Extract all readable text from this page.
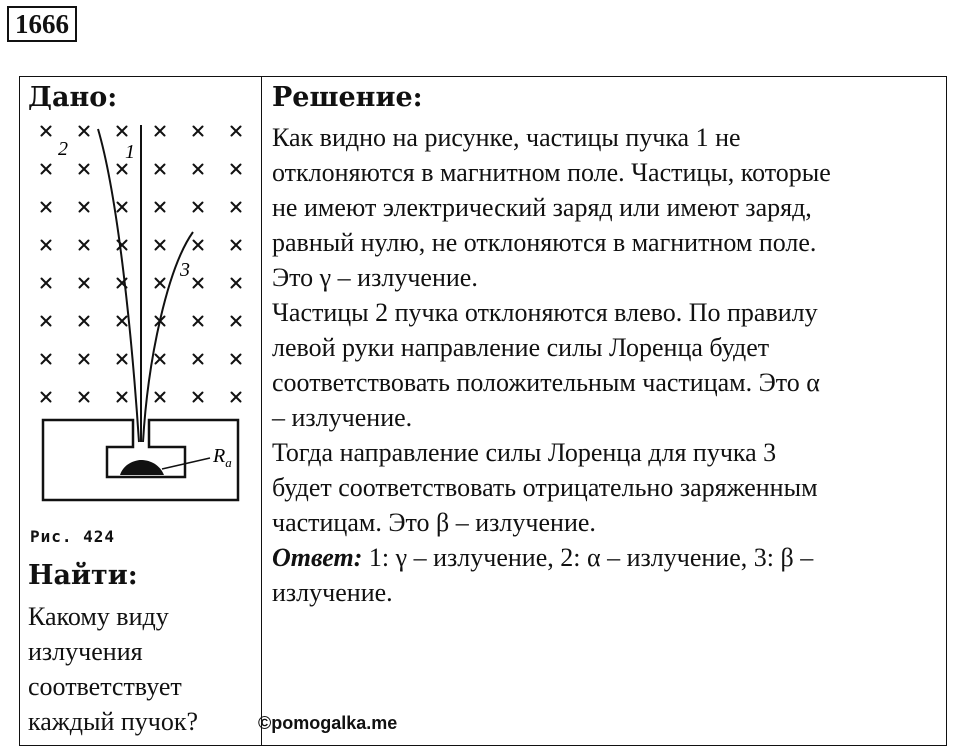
1666
Дано:
2	1
3
$R_a$
Рис. 424
Найти:
Какому виду
излучения
соответствует
каждый пучок?
Решение:

Как видно на рисунке, частицы пучка 1 не

отклоняются в магнитном поле. Частицы, которые

не имеют электрический заряд или имеют заряд,

равный нулю, не отклоняются в магнитном поле.

Это γ – излучение.

Частицы 2 пучка отклоняются влево. По правилу

левой руки направление силы Лоренца будет

соответствовать положительным частицам. Это α

– излучение.

Тогда направление силы Лоренца для пучка 3

будет соответствовать отрицательно заряженным

частицам. Это β – излучение.

Ответ: 1: γ – излучение, 2: α – излучение, 3: β –

излучение.

©pomogalka.me
